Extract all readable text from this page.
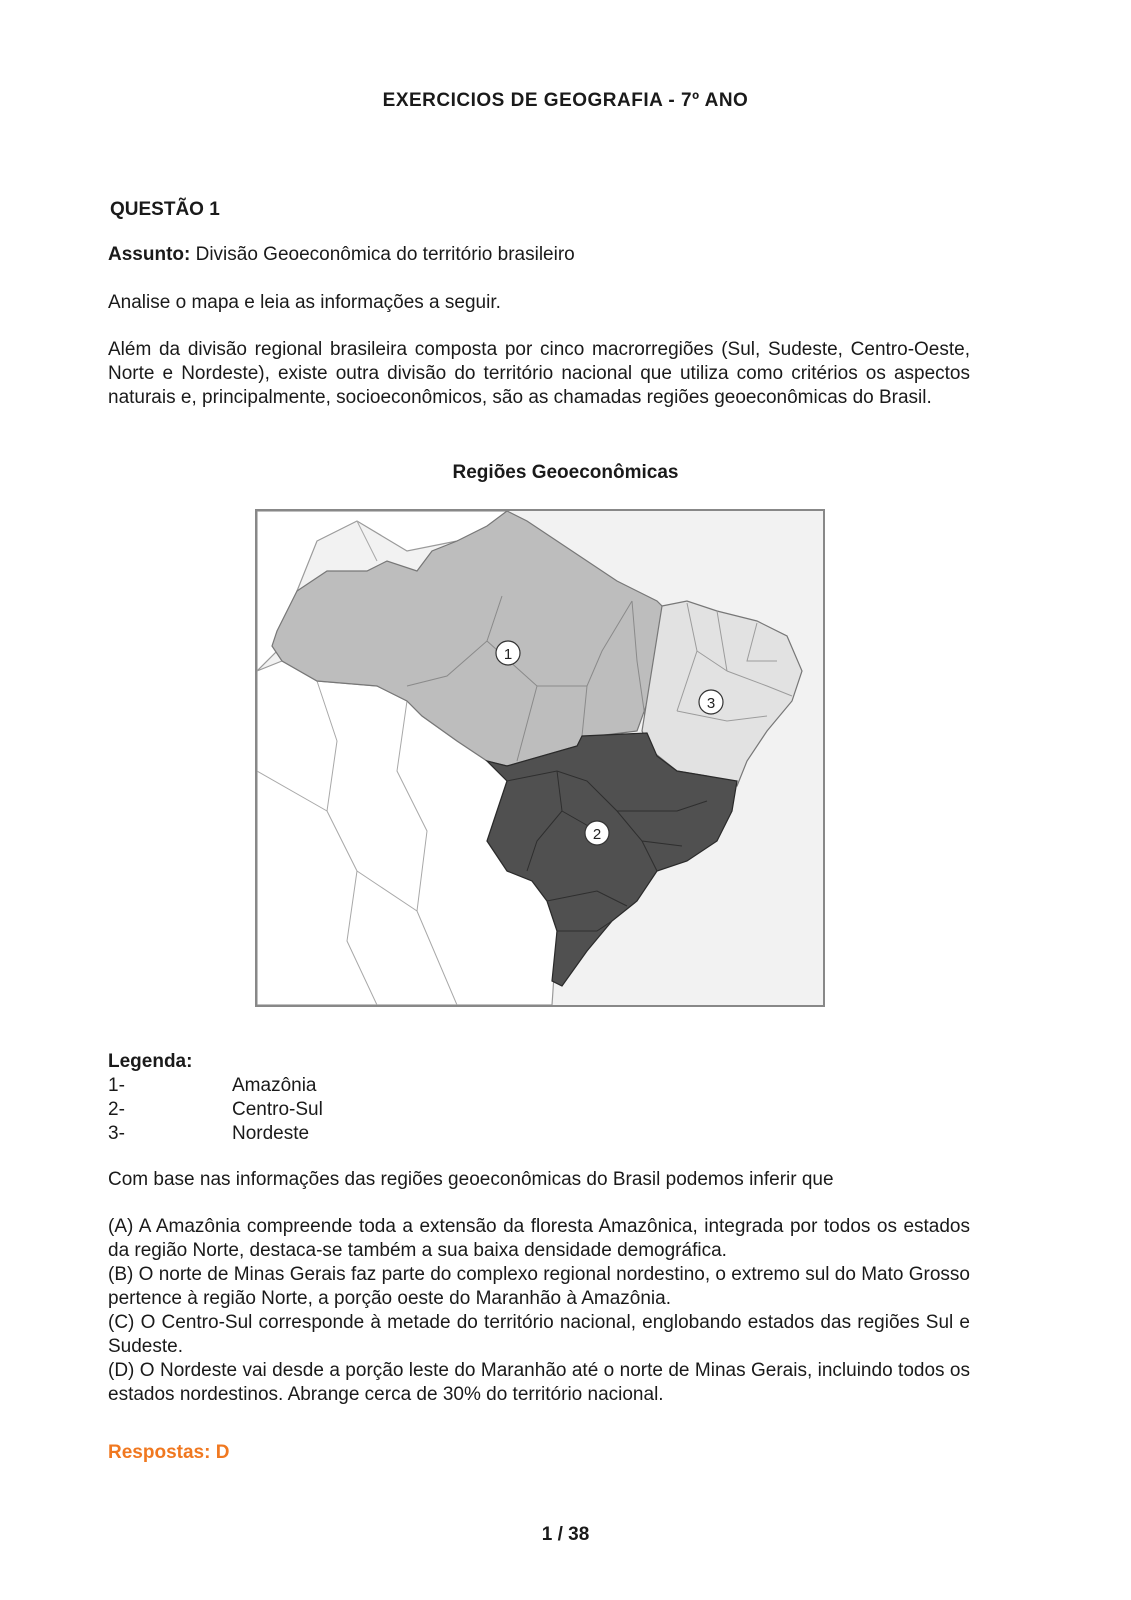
EXERCICIOS DE GEOGRAFIA - 7º ANO
QUESTÃO 1
Assunto: Divisão Geoeconômica do território brasileiro
Analise o mapa e leia as informações a seguir.
Além da divisão regional brasileira composta por cinco macrorregiões (Sul, Sudeste, Centro-Oeste, Norte e Nordeste), existe outra divisão do território nacional que utiliza como critérios os aspectos naturais e, principalmente, socioeconômicos, são as chamadas regiões geoeconômicas do Brasil.
Regiões Geoeconômicas
1
2
3
Legenda:
1-	Amazônia
2-	Centro-Sul
3-	Nordeste
Com base nas informações das regiões geoeconômicas do Brasil podemos inferir que
(A) A Amazônia compreende toda a extensão da floresta Amazônica, integrada por todos os estados da região Norte, destaca-se também a sua baixa densidade demográfica.
(B) O norte de Minas Gerais faz parte do complexo regional nordestino, o extremo sul do Mato Grosso pertence à região Norte, a porção oeste do Maranhão à Amazônia.
(C) O Centro-Sul corresponde à metade do território nacional, englobando estados das regiões Sul e Sudeste.
(D) O Nordeste vai desde a porção leste do Maranhão até o norte de Minas Gerais, incluindo todos os estados nordestinos. Abrange cerca de 30% do território nacional.
Respostas: D
1 / 38
